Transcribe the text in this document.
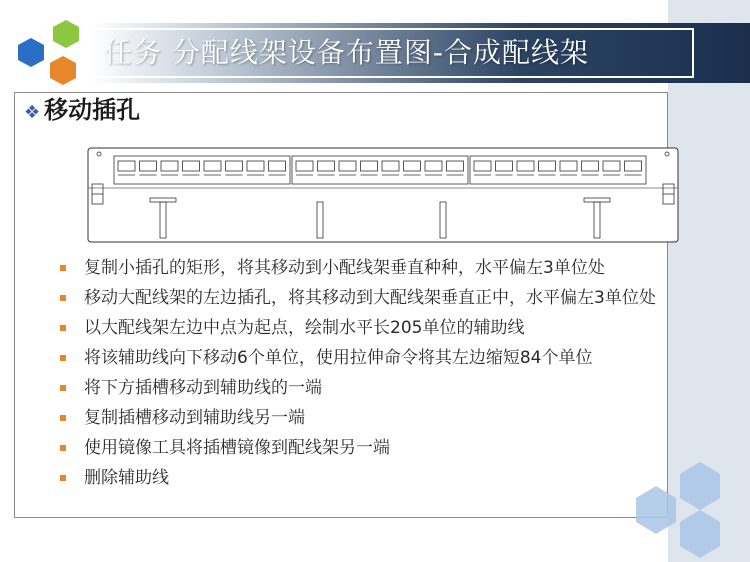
任务 分配线架设备布置图-合成配线架
❖ 移动插孔
复制小插孔的矩形，将其移动到小配线架垂直种种，水平偏左3单位处
移动大配线架的左边插孔，将其移动到大配线架垂直正中，水平偏左3单位处
以大配线架左边中点为起点，绘制水平长205单位的辅助线
将该辅助线向下移动6个单位，使用拉伸命令将其左边缩短84个单位
将下方插槽移动到辅助线的一端
复制插槽移动到辅助线另一端
使用镜像工具将插槽镜像到配线架另一端
删除辅助线
